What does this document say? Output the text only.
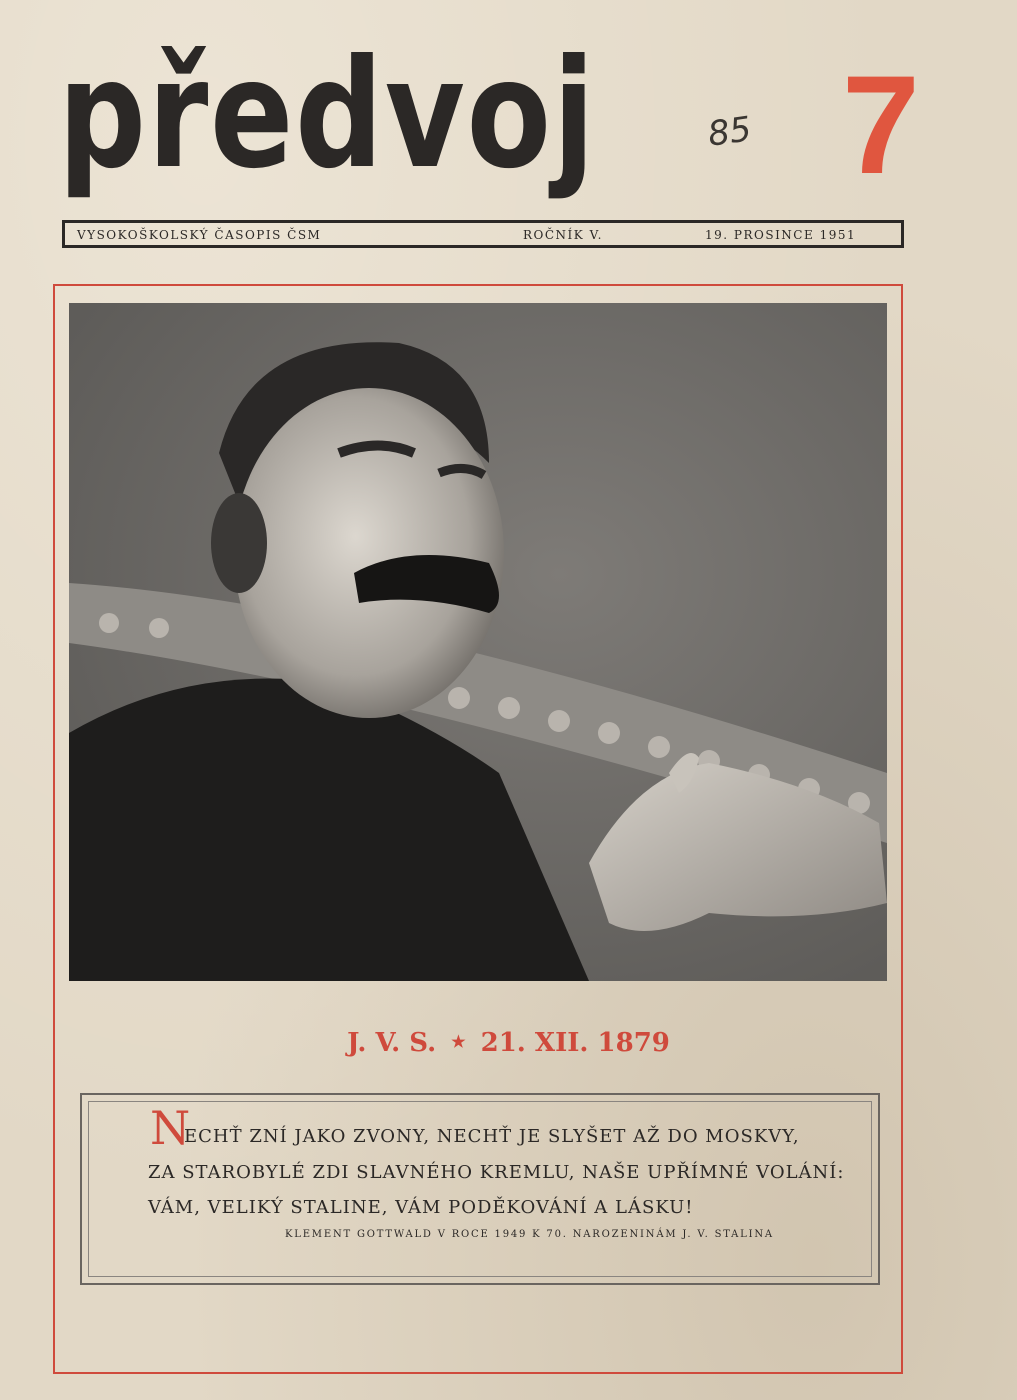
předvoj	85 7
VYSOKOŠKOLSKÝ ČASOPIS ČSM	ROČNÍK V.	19. PROSINCE 1951
J. V. S. ★ 21. XII. 1879
N
ECHŤ ZNÍ JAKO ZVONY, NECHŤ JE SLYŠET AŽ DO MOSKVY,
ZA STAROBYLÉ ZDI SLAVNÉHO KREMLU, NAŠE UPŘÍMNÉ VOLÁNÍ:
VÁM, VELIKÝ STALINE, VÁM PODĚKOVÁNÍ A LÁSKU!
KLEMENT GOTTWALD V ROCE 1949 K 70. NAROZENINÁM J. V. STALINA
